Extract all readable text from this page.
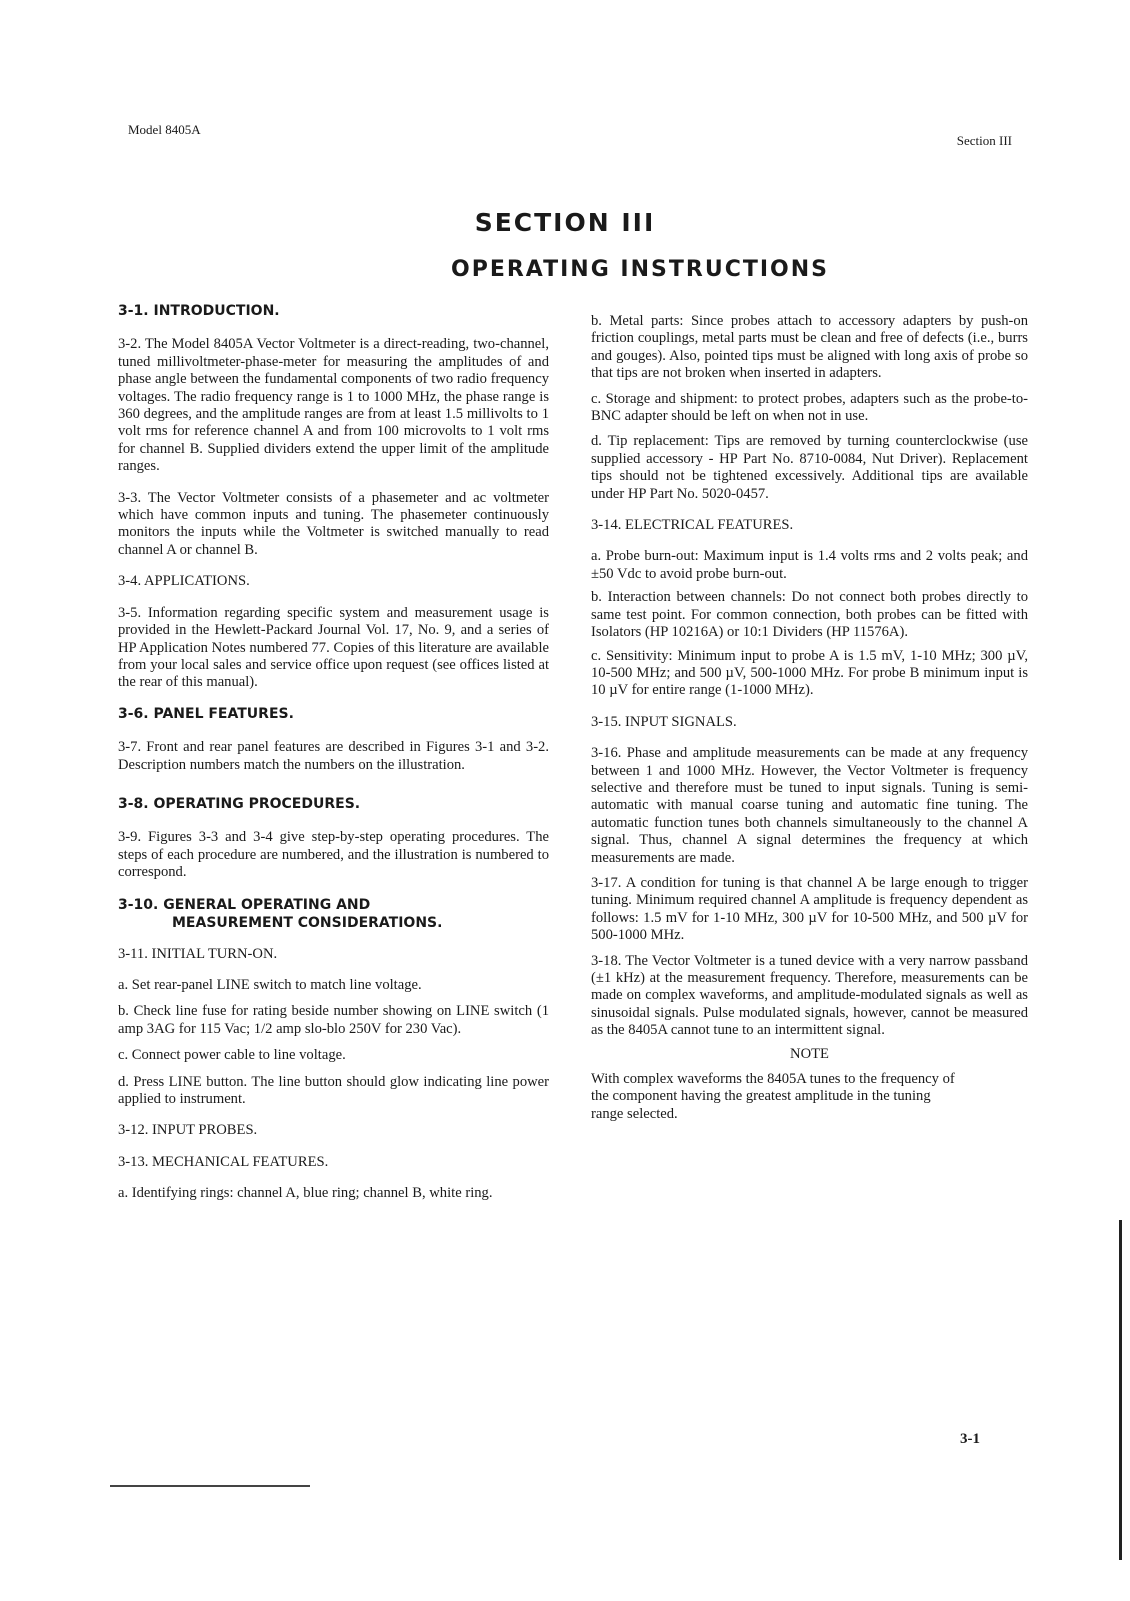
Model 8405A
Section III
SECTION III
OPERATING INSTRUCTIONS
3-1. INTRODUCTION.

3-2. The Model 8405A Vector Voltmeter is a direct-reading, two-channel, tuned millivoltmeter-phase-meter for measuring the amplitudes of and phase angle between the fundamental components of two radio frequency voltages. The radio frequency range is 1 to 1000 MHz, the phase range is 360 degrees, and the amplitude ranges are from at least 1.5 millivolts to 1 volt rms for reference channel A and from 100 microvolts to 1 volt rms for channel B. Supplied dividers extend the upper limit of the amplitude ranges.

3-3. The Vector Voltmeter consists of a phasemeter and ac voltmeter which have common inputs and tuning. The phasemeter continuously monitors the inputs while the Voltmeter is switched manually to read channel A or channel B.

3-4. APPLICATIONS.

3-5. Information regarding specific system and measurement usage is provided in the Hewlett-Packard Journal Vol. 17, No. 9, and a series of HP Application Notes numbered 77. Copies of this literature are available from your local sales and service office upon request (see offices listed at the rear of this manual).

3-6. PANEL FEATURES.

3-7. Front and rear panel features are described in Figures 3-1 and 3-2. Description numbers match the numbers on the illustration.

3-8. OPERATING PROCEDURES.

3-9. Figures 3-3 and 3-4 give step-by-step operating procedures. The steps of each procedure are numbered, and the illustration is numbered to correspond.

3-10. GENERAL OPERATING AND
MEASUREMENT CONSIDERATIONS.

3-11. INITIAL TURN-ON.

a. Set rear-panel LINE switch to match line voltage.

b. Check line fuse for rating beside number showing on LINE switch (1 amp 3AG for 115 Vac; 1/2 amp slo-blo 250V for 230 Vac).

c. Connect power cable to line voltage.

d. Press LINE button. The line button should glow indicating line power applied to instrument.

3-12. INPUT PROBES.

3-13. MECHANICAL FEATURES.

a. Identifying rings: channel A, blue ring; channel B, white ring.

b. Metal parts: Since probes attach to accessory adapters by push-on friction couplings, metal parts must be clean and free of defects (i.e., burrs and gouges). Also, pointed tips must be aligned with long axis of probe so that tips are not broken when inserted in adapters.

c. Storage and shipment: to protect probes, adapters such as the probe-to-BNC adapter should be left on when not in use.

d. Tip replacement: Tips are removed by turning counterclockwise (use supplied accessory - HP Part No. 8710-0084, Nut Driver). Replacement tips should not be tightened excessively. Additional tips are available under HP Part No. 5020-0457.

3-14. ELECTRICAL FEATURES.

a. Probe burn-out: Maximum input is 1.4 volts rms and 2 volts peak; and ±50 Vdc to avoid probe burn-out.

b. Interaction between channels: Do not connect both probes directly to same test point. For common connection, both probes can be fitted with Isolators (HP 10216A) or 10:1 Dividers (HP 11576A).

c. Sensitivity: Minimum input to probe A is 1.5 mV, 1-10 MHz; 300 µV, 10-500 MHz; and 500 µV, 500-1000 MHz. For probe B minimum input is 10 µV for entire range (1-1000 MHz).

3-15. INPUT SIGNALS.

3-16. Phase and amplitude measurements can be made at any frequency between 1 and 1000 MHz. However, the Vector Voltmeter is frequency selective and therefore must be tuned to input signals. Tuning is semi-automatic with manual coarse tuning and automatic fine tuning. The automatic function tunes both channels simultaneously to the channel A signal. Thus, channel A signal determines the frequency at which measurements are made.

3-17. A condition for tuning is that channel A be large enough to trigger tuning. Minimum required channel A amplitude is frequency dependent as follows: 1.5 mV for 1-10 MHz, 300 µV for 10-500 MHz, and 500 µV for 500-1000 MHz.

3-18. The Vector Voltmeter is a tuned device with a very narrow passband (±1 kHz) at the measurement frequency. Therefore, measurements can be made on complex waveforms, and amplitude-modulated signals as well as sinusoidal signals. Pulse modulated signals, however, cannot be measured as the 8405A cannot tune to an intermittent signal.

NOTE

With complex waveforms the 8405A tunes to the frequency of the component having the greatest amplitude in the tuning range selected.

3-1
